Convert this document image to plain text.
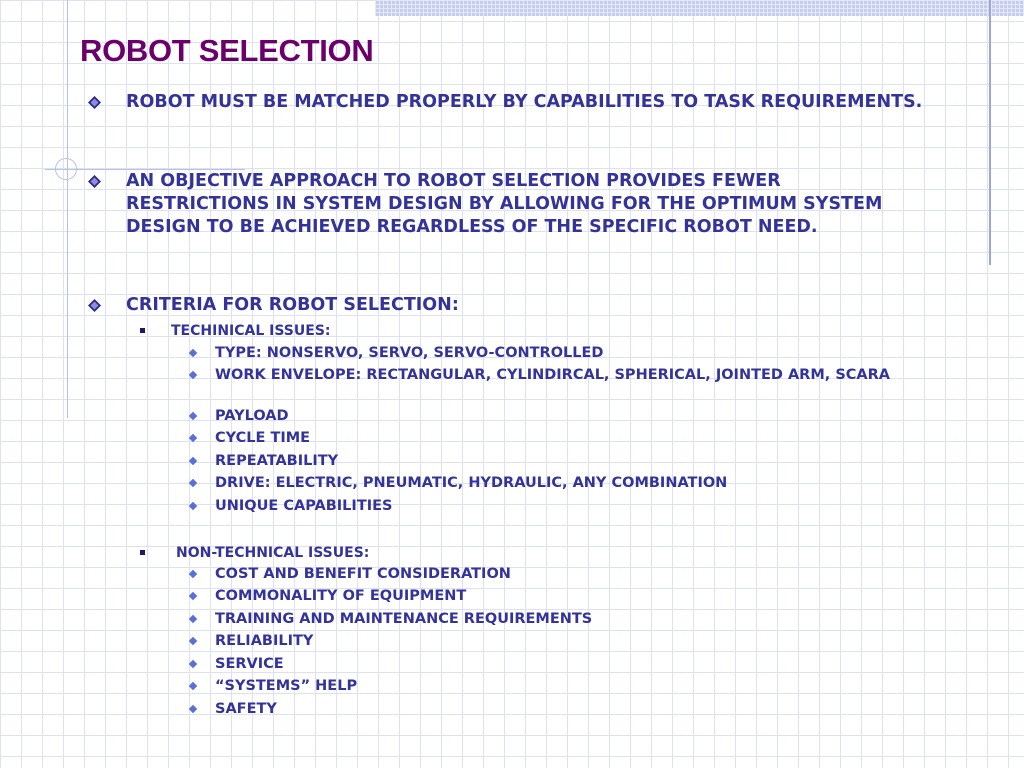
ROBOT SELECTION
ROBOT MUST BE MATCHED PROPERLY BY CAPABILITIES TO TASK REQUIREMENTS.
AN OBJECTIVE APPROACH TO ROBOT SELECTION PROVIDES FEWER RESTRICTIONS IN SYSTEM DESIGN BY ALLOWING FOR THE OPTIMUM SYSTEM DESIGN TO BE ACHIEVED REGARDLESS OF THE SPECIFIC ROBOT NEED.
CRITERIA FOR ROBOT SELECTION:
TECHINICAL ISSUES:
TYPE: NONSERVO, SERVO, SERVO-CONTROLLED
WORK ENVELOPE: RECTANGULAR, CYLINDIRCAL, SPHERICAL, JOINTED ARM, SCARA
PAYLOAD
CYCLE TIME
REPEATABILITY
DRIVE: ELECTRIC, PNEUMATIC, HYDRAULIC, ANY COMBINATION
UNIQUE CAPABILITIES
NON-TECHNICAL ISSUES:
COST AND BENEFIT CONSIDERATION
COMMONALITY OF EQUIPMENT
TRAINING AND MAINTENANCE REQUIREMENTS
RELIABILITY
SERVICE
“SYSTEMS” HELP
SAFETY
